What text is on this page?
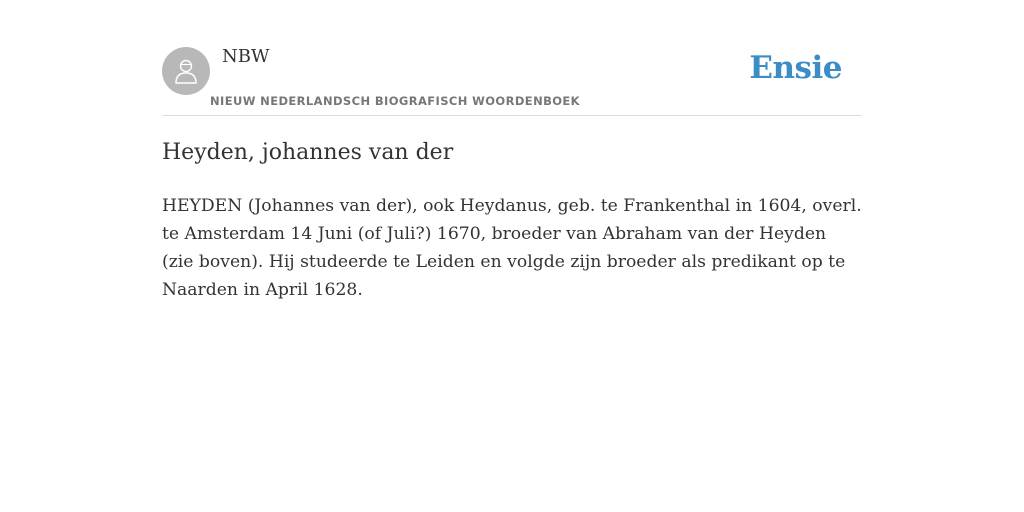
NBW
NIEUW NEDERLANDSCH BIOGRAFISCH WOORDENBOEK
Ensie
Heyden, johannes van der

HEYDEN (Johannes van der), ook Heydanus, geb. te Frankenthal in 1604, overl. te Amsterdam 14 Juni (of Juli?) 1670, broeder van Abraham van der Heyden (zie boven). Hij studeerde te Leiden en volgde zijn broeder als predikant op te Naarden in April 1628.
